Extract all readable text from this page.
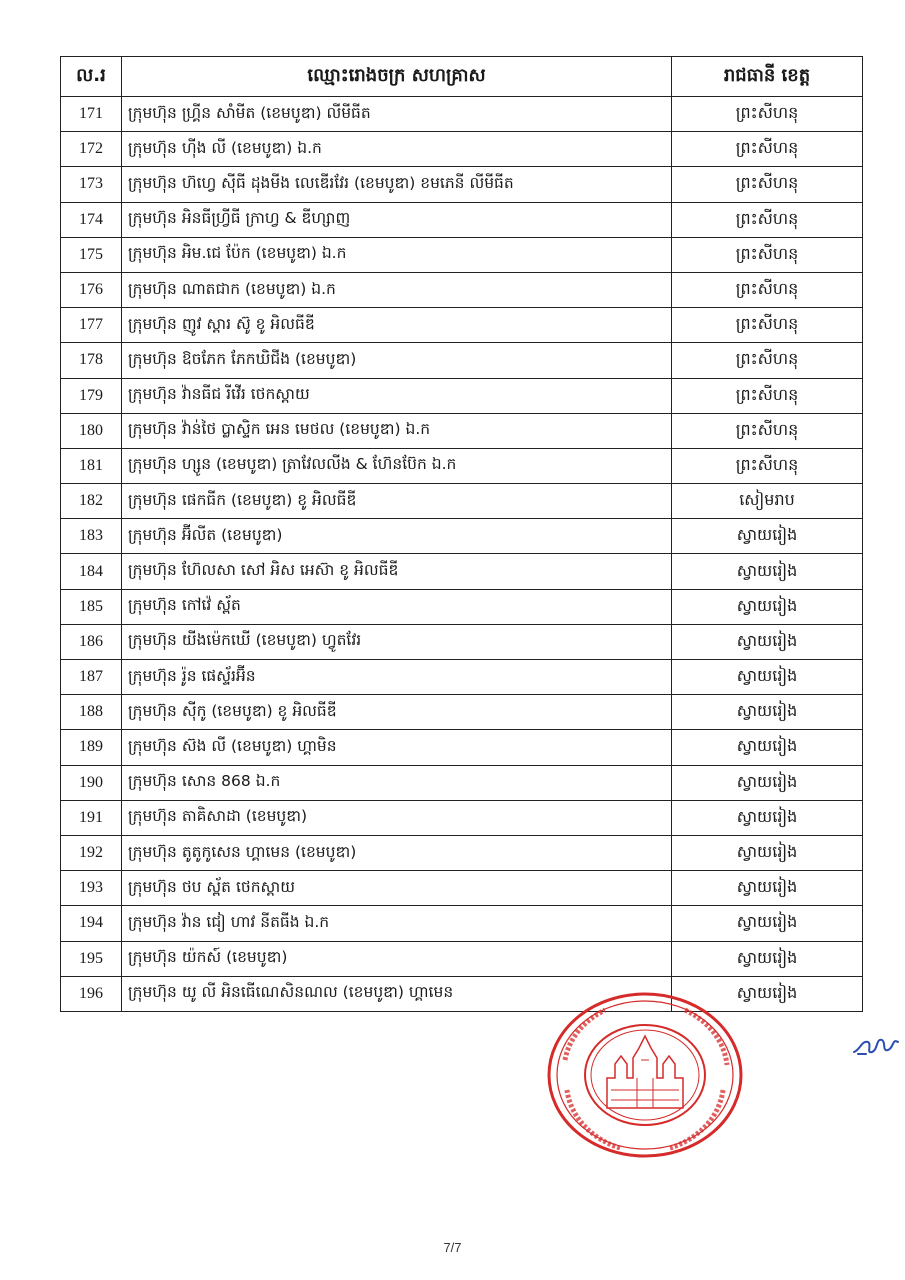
ល.រ	ឈ្មោះរោងចក្រ សហគ្រាស	រាជធានី ខេត្ត
171	ក្រុមហ៊ុន ហ្គ្រីន សាំមីត (ខេមបូឌា) លីមីធីត	ព្រះសីហនុ
172	ក្រុមហ៊ុន ហ៊ីង លី (ខេមបូឌា) ឯ.ក	ព្រះសីហនុ
173	ក្រុមហ៊ុន ហ៊ហ្វេ ស៊ីធី ដុងមីង លេឌើរវែរ (ខេមបូឌា) ខមភេនី លីមីធីត	ព្រះសីហនុ
174	ក្រុមហ៊ុន អិនធីហ្វ្រីធី ក្រាហ្វ & ឌីហ្សាញ	ព្រះសីហនុ
175	ក្រុមហ៊ុន អិម.ជេ ប៉ែក (ខេមបូឌា) ឯ.ក	ព្រះសីហនុ
176	ក្រុមហ៊ុន ណាតជាក (ខេមបូឌា) ឯ.ក	ព្រះសីហនុ
177	ក្រុមហ៊ុន ញូវ ស្តារ ស៊ូ ខូ អិលធីឌី	ព្រះសីហនុ
178	ក្រុមហ៊ុន ឱចភែក ភែកឃិជីង (ខេមបូឌា)	ព្រះសីហនុ
179	ក្រុមហ៊ុន វ៉ានធីជ រីវើរ ថេកស្តាយ	ព្រះសីហនុ
180	ក្រុមហ៊ុន វ៉ាន់ថៃ ប្លាស្ទិក អេន មេថល (ខេមបូឌា) ឯ.ក	ព្រះសីហនុ
181	ក្រុមហ៊ុន ហ្សូន (ខេមបូឌា) ត្រាវែលលីង & ហ៊ែនប៊ែក ឯ.ក	ព្រះសីហនុ
182	ក្រុមហ៊ុន ផេកធីក (ខេមបូឌា) ខូ អិលធីឌី	សៀមរាប
183	ក្រុមហ៊ុន អ៊ីលីត (ខេមបូឌា)	ស្វាយរៀង
184	ក្រុមហ៊ុន ហ៊ែលសា សៅ អិស អេស៊ា ខូ អិលធីឌី	ស្វាយរៀង
185	ក្រុមហ៊ុន កៅវ៉េ ស្ព័ត	ស្វាយរៀង
186	ក្រុមហ៊ុន យីងម៉េកឃើ (ខេមបូឌា) ហ្វូតវែរ	ស្វាយរៀង
187	ក្រុមហ៊ុន រ៉ូន ផេស្ទ័រអ៊ីន	ស្វាយរៀង
188	ក្រុមហ៊ុន ស៊ីកូ (ខេមបូឌា) ខូ អិលធីឌី	ស្វាយរៀង
189	ក្រុមហ៊ុន ស៊ង លី (ខេមបូឌា) ហ្គាមិន	ស្វាយរៀង
190	ក្រុមហ៊ុន សោន 868 ឯ.ក	ស្វាយរៀង
191	ក្រុមហ៊ុន តាគិសាដា (ខេមបូឌា)	ស្វាយរៀង
192	ក្រុមហ៊ុន តូតូកូសេន ហ្គាមេន (ខេមបូឌា)	ស្វាយរៀង
193	ក្រុមហ៊ុន ថប ស្ព័ត ថេកស្តាយ	ស្វាយរៀង
194	ក្រុមហ៊ុន វ៉ាន ជៀ ហាវ នីតធីង ឯ.ក	ស្វាយរៀង
195	ក្រុមហ៊ុន យ៉កស៍ (ខេមបូឌា)	ស្វាយរៀង
196	ក្រុមហ៊ុន យូ លី អិនធើណេសិនណល (ខេមបូឌា) ហ្គាមេន	ស្វាយរៀង
7/7
